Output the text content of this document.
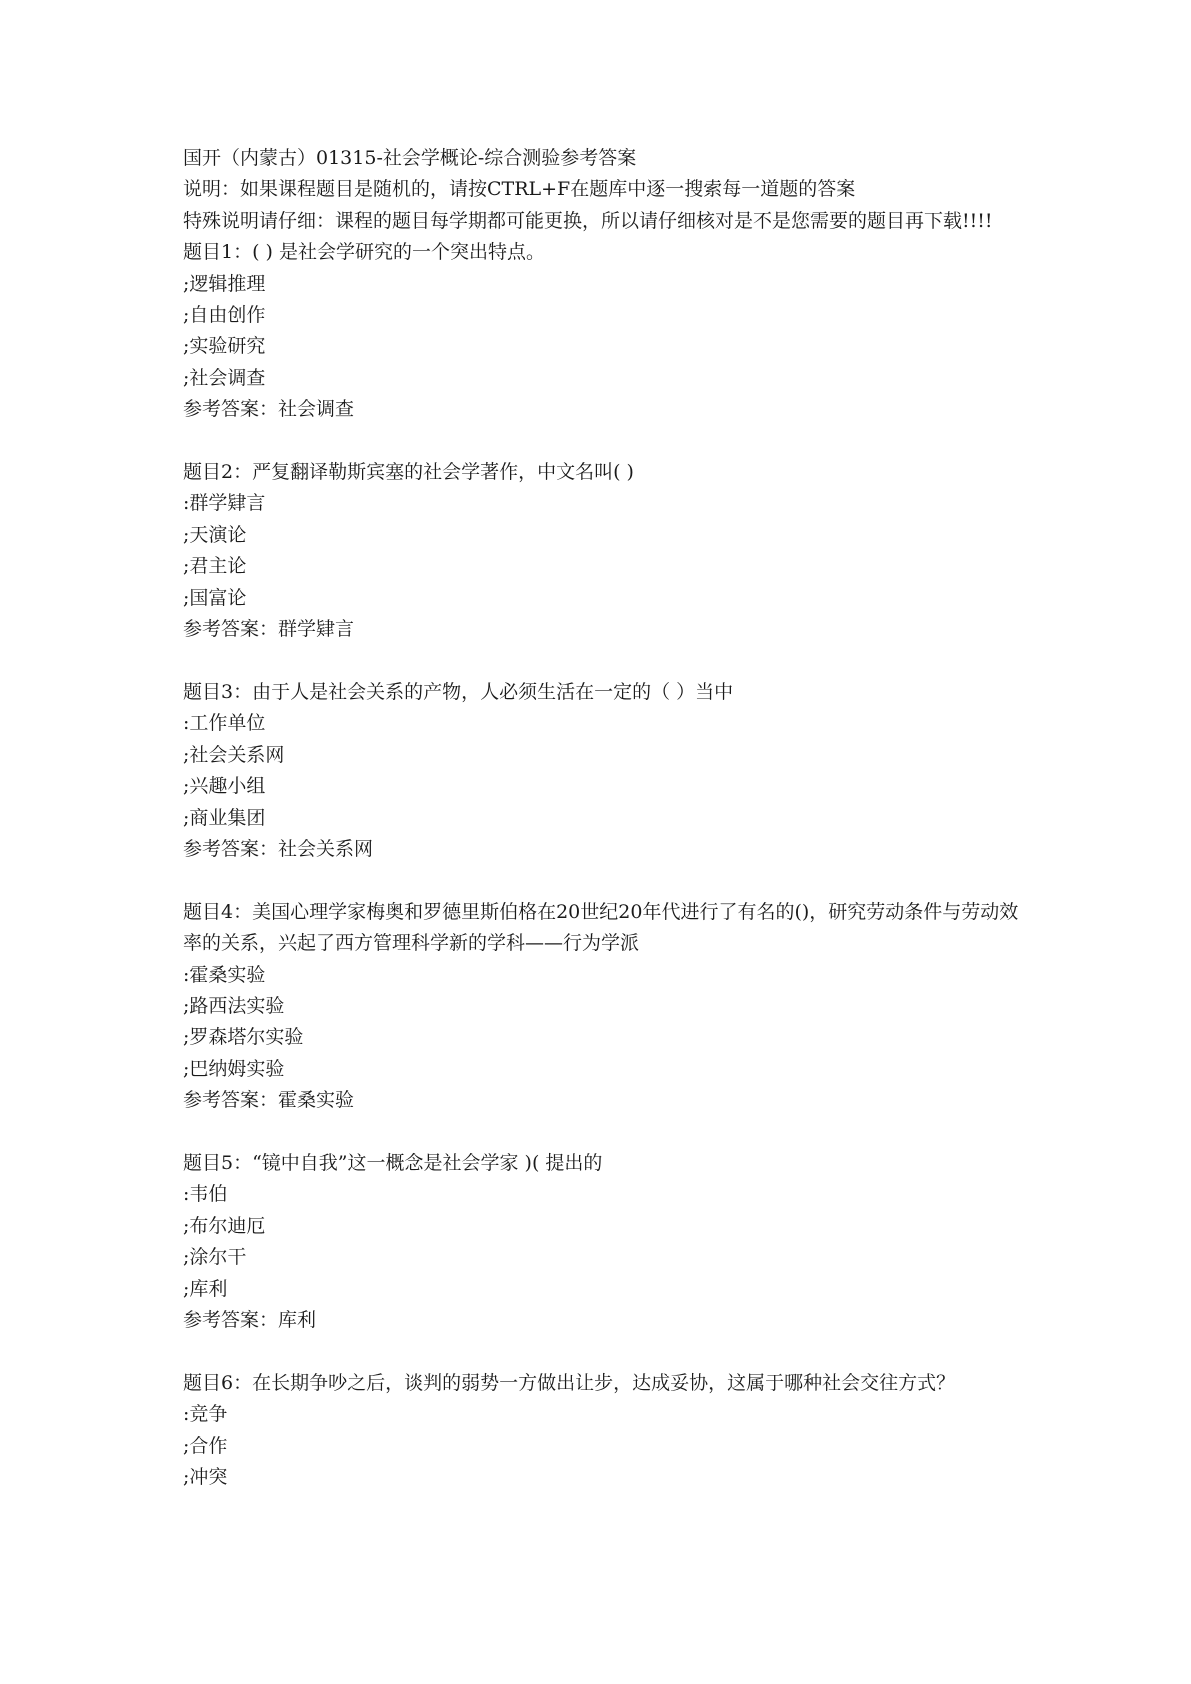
国开（内蒙古）01315-社会学概论-综合测验参考答案
说明：如果课程题目是随机的，请按CTRL+F在题库中逐一搜索每一道题的答案
特殊说明请仔细：课程的题目每学期都可能更换，所以请仔细核对是不是您需要的题目再下载!!!!
题目1：( ) 是社会学研究的一个突出特点。
;逻辑推理
;自由创作
;实验研究
;社会调查
参考答案：社会调查
题目2：严复翻译勒斯宾塞的社会学著作，中文名叫( )
:群学肄言
;天演论
;君主论
;国富论
参考答案：群学肄言
题目3：由于人是社会关系的产物，人必须生活在一定的（ ）当中
:工作单位
;社会关系网
;兴趣小组
;商业集团
参考答案：社会关系网
题目4：美国心理学家梅奥和罗德里斯伯格在20世纪20年代进行了有名的()，研究劳动条件与劳动效率的关系，兴起了西方管理科学新的学科——行为学派
:霍桑实验
;路西法实验
;罗森塔尔实验
;巴纳姆实验
参考答案：霍桑实验
题目5：“镜中自我”这一概念是社会学家 )( 提出的
:韦伯
;布尔迪厄
;涂尔干
;库利
参考答案：库利
题目6：在长期争吵之后，谈判的弱势一方做出让步，达成妥协，这属于哪种社会交往方式？
:竞争
;合作
;冲突
